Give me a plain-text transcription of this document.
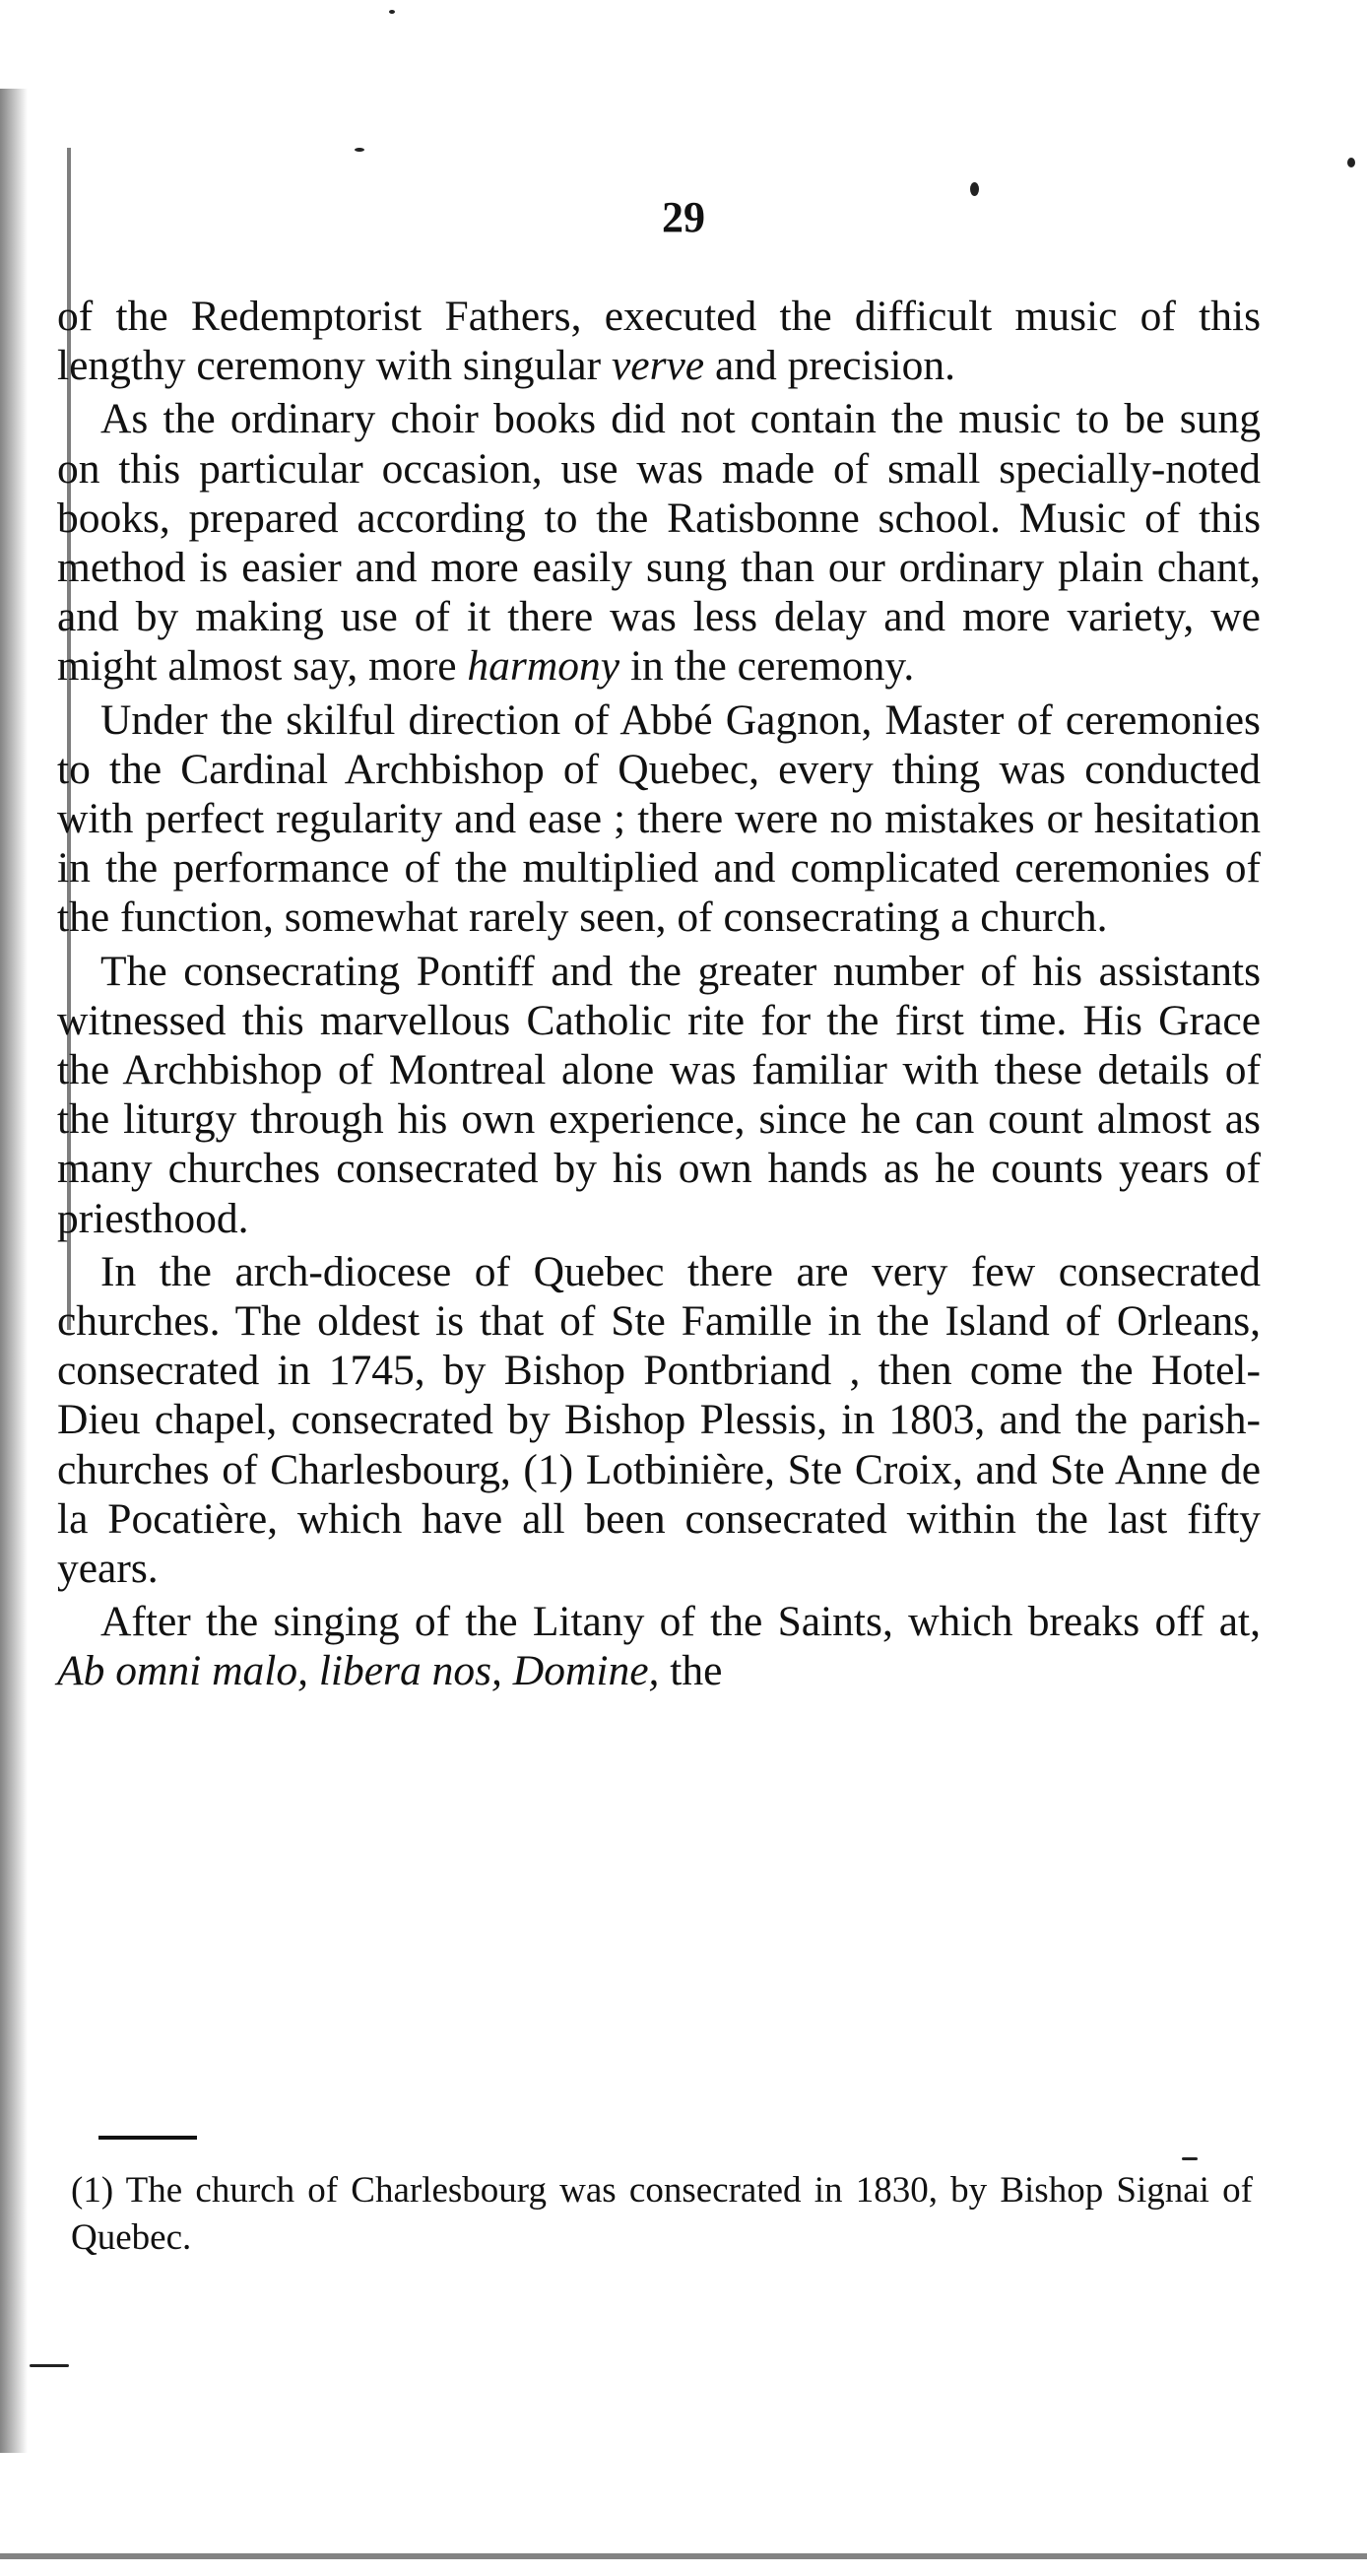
29

of the Redemptorist Fathers, executed the difficult music of this lengthy ceremony with singular verve and precision.

As the ordinary choir books did not contain the music to be sung on this particular occasion, use was made of small specially-noted books, prepared according to the Ratisbonne school. Music of this method is easier and more easily sung than our ordinary plain chant, and by making use of it there was less delay and more variety, we might almost say, more harmony in the ceremony.

Under the skilful direction of Abbé Gagnon, Master of ceremonies to the Cardinal Archbishop of Quebec, every thing was conducted with perfect regularity and ease ; there were no mistakes or hesitation in the performance of the multiplied and complicated ceremonies of the function, somewhat rarely seen, of consecrating a church.

The consecrating Pontiff and the greater number of his assistants witnessed this marvellous Catholic rite for the first time. His Grace the Archbishop of Montreal alone was familiar with these details of the liturgy through his own experience, since he can count almost as many churches consecrated by his own hands as he counts years of priesthood.

In the arch-diocese of Quebec there are very few consecrated churches. The oldest is that of Ste Famille in the Island of Orleans, consecrated in 1745, by Bishop Pontbriand , then come the Hotel-Dieu chapel, consecrated by Bishop Plessis, in 1803, and the parish-churches of Charlesbourg, (1) Lotbinière, Ste Croix, and Ste Anne de la Pocatière, which have all been consecrated within the last fifty years.

After the singing of the Litany of the Saints, which breaks off at, Ab omni malo, libera nos, Domine, the

(1) The church of Charlesbourg was consecrated in 1830, by Bishop Signai of Quebec.
